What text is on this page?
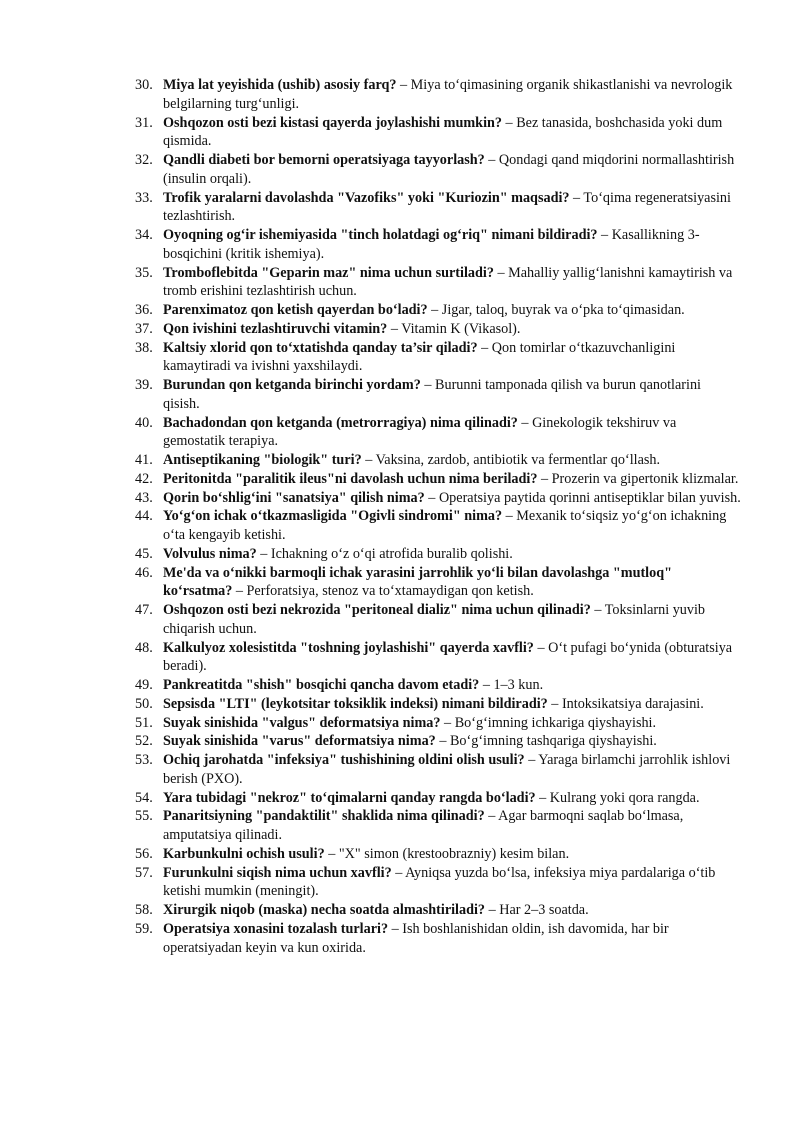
30. Miya lat yeyishida (ushib) asosiy farq? – Miya to‘qimasining organik shikastlanishi va nevrologik belgilarning turg‘unligi.
31. Oshqozon osti bezi kistasi qayerda joylashishi mumkin? – Bez tanasida, boshchasida yoki dum qismida.
32. Qandli diabeti bor bemorni operatsiyaga tayyorlash? – Qondagi qand miqdorini normallashtirish (insulin orqali).
33. Trofik yaralarni davolashda "Vazofiks" yoki "Kuriozin" maqsadi? – To‘qima regeneratsiyasini tezlashtirish.
34. Oyoqning og‘ir ishemiyasida "tinch holatdagi og‘riq" nimani bildiradi? – Kasallikning 3-bosqichini (kritik ishemiya).
35. Tromboflebitda "Geparin maz" nima uchun surtiladi? – Mahalliy yallig‘lanishni kamaytirish va tromb erishini tezlashtirish uchun.
36. Parenximatoz qon ketish qayerdan bo‘ladi? – Jigar, taloq, buyrak va o‘pka to‘qimasidan.
37. Qon ivishini tezlashtiruvchi vitamin? – Vitamin K (Vikasol).
38. Kaltsiy xlorid qon to‘xtatishda qanday ta’sir qiladi? – Qon tomirlar o‘tkazuvchanligini kamaytiradi va ivishni yaxshilaydi.
39. Burundan qon ketganda birinchi yordam? – Burunni tamponada qilish va burun qanotlarini qisish.
40. Bachadondan qon ketganda (metrorragiya) nima qilinadi? – Ginekologik tekshiruv va gemostatik terapiya.
41. Antiseptikaning "biologik" turi? – Vaksina, zardob, antibiotik va fermentlar qo‘llash.
42. Peritonitda "paralitik ileus"ni davolash uchun nima beriladi? – Prozerin va gipertonik klizmalar.
43. Qorin bo‘shlig‘ini "sanatsiya" qilish nima? – Operatsiya paytida qorinni antiseptiklar bilan yuvish.
44. Yo‘g‘on ichak o‘tkazmasligida "Ogivli sindromi" nima? – Mexanik to‘siqsiz yo‘g‘on ichakning o‘ta kengayib ketishi.
45. Volvulus nima? – Ichakning o‘z o‘qi atrofida buralib qolishi.
46. Me'da va o‘nikki barmoqli ichak yarasini jarrohlik yo‘li bilan davolashga "mutloq" ko‘rsatma? – Perforatsiya, stenoz va to‘xtamaydigan qon ketish.
47. Oshqozon osti bezi nekrozida "peritoneal dializ" nima uchun qilinadi? – Toksinlarni yuvib chiqarish uchun.
48. Kalkulyoz xolesistitda "toshning joylashishi" qayerda xavfli? – O‘t pufagi bo‘ynida (obturatsiya beradi).
49. Pankreatitda "shish" bosqichi qancha davom etadi? – 1–3 kun.
50. Sepsisda "LTI" (leykotsitar toksiklik indeksi) nimani bildiradi? – Intoksikatsiya darajasini.
51. Suyak sinishida "valgus" deformatsiya nima? – Bo‘g‘imning ichkariga qiyshayishi.
52. Suyak sinishida "varus" deformatsiya nima? – Bo‘g‘imning tashqariga qiyshayishi.
53. Ochiq jarohatda "infeksiya" tushishining oldini olish usuli? – Yaraga birlamchi jarrohlik ishlovi berish (PXO).
54. Yara tubidagi "nekroz" to‘qimalarni qanday rangda bo‘ladi? – Kulrang yoki qora rangda.
55. Panaritsiyning "pandaktilit" shaklida nima qilinadi? – Agar barmoqni saqlab bo‘lmasa, amputatsiya qilinadi.
56. Karbunkulni ochish usuli? – "X" simon (krestoobrazniy) kesim bilan.
57. Furunkulni siqish nima uchun xavfli? – Ayniqsa yuzda bo‘lsa, infeksiya miya pardalariga o‘tib ketishi mumkin (meningit).
58. Xirurgik niqob (maska) necha soatda almashtiriladi? – Har 2–3 soatda.
59. Operatsiya xonasini tozalash turlari? – Ish boshlanishidan oldin, ish davomida, har bir operatsiyadan keyin va kun oxirida.
